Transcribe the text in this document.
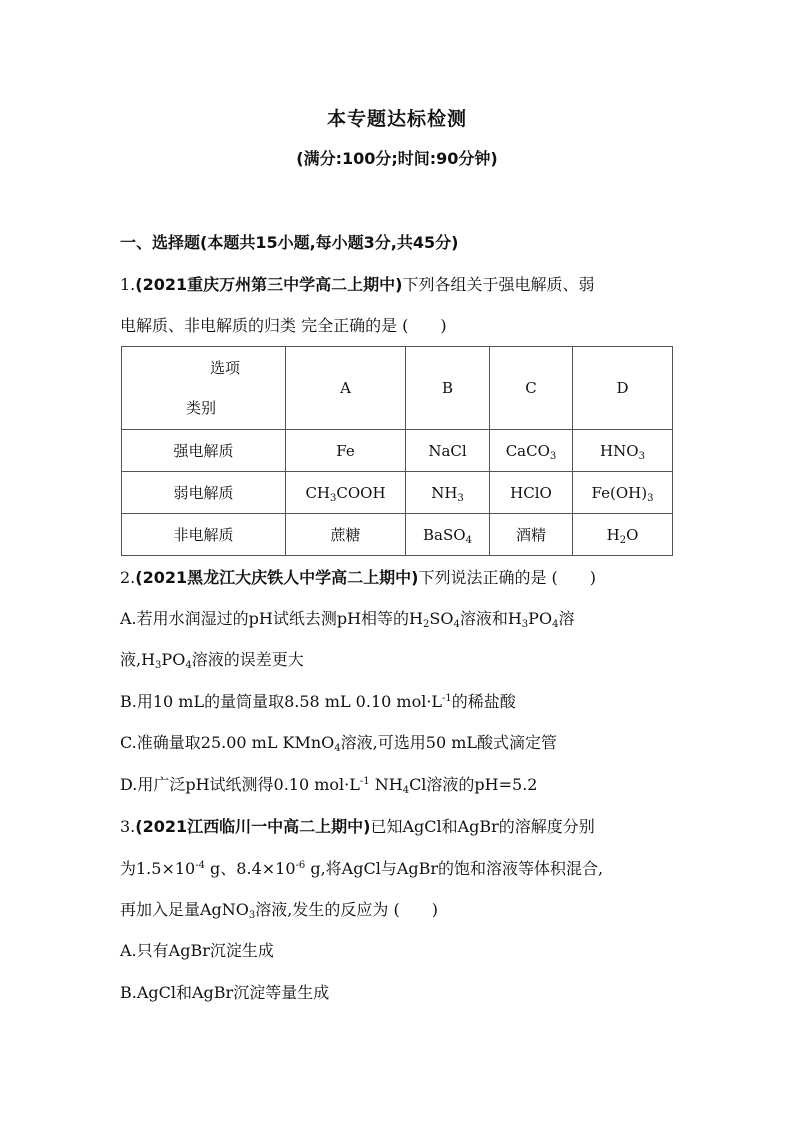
本专题达标检测
(满分:100分;时间:90分钟)
一、选择题(本题共15小题,每小题3分,共45分)
1.(2021重庆万州第三中学高二上期中)下列各组关于强电解质、弱
电解质、非电解质的归类 完全正确的是 (　　)
选项
类别	A	B	C	D
强电解质	Fe	NaCl	CaCO$_3$	$HNO_3$
弱电解质	$CH_3COOH$	$NH_3$	HClO	$Fe(OH)_3$
非电解质	蔗糖	BaSO$_4$	酒精	$H_2O$
2.(2021黑龙江大庆铁人中学高二上期中)下列说法正确的是 (　　)
A.若用水润湿过的pH试纸去测pH相等的$H_2SO_4$溶液和$H_3PO_4$溶
液$,H_3PO_4$溶液的误差更大
B.用10 mL的量筒量取8.58 mL 0.10 $mol\cdot L^{-1}$的稀盐酸
C.准确量取25.00 mL KMnO$_4$溶液,可选用50 mL酸式滴定管
D.用广泛pH试纸测得0.10 $mol\cdot L^{-1}$ $NH_4Cl$溶液的pH=5.2
3.(2021江西临川一中高二上期中)已知AgCl和AgBr的溶解度分别
为$1.5\times 10^{-4}$ g、$8.4\times 10^{-6}$ g,将AgCl与AgBr的饱和溶液等体积混合,
再加入足量AgNO$_3$溶液,发生的反应为 (　　)
A.只有AgBr沉淀生成
B.AgCl和AgBr沉淀等量生成
